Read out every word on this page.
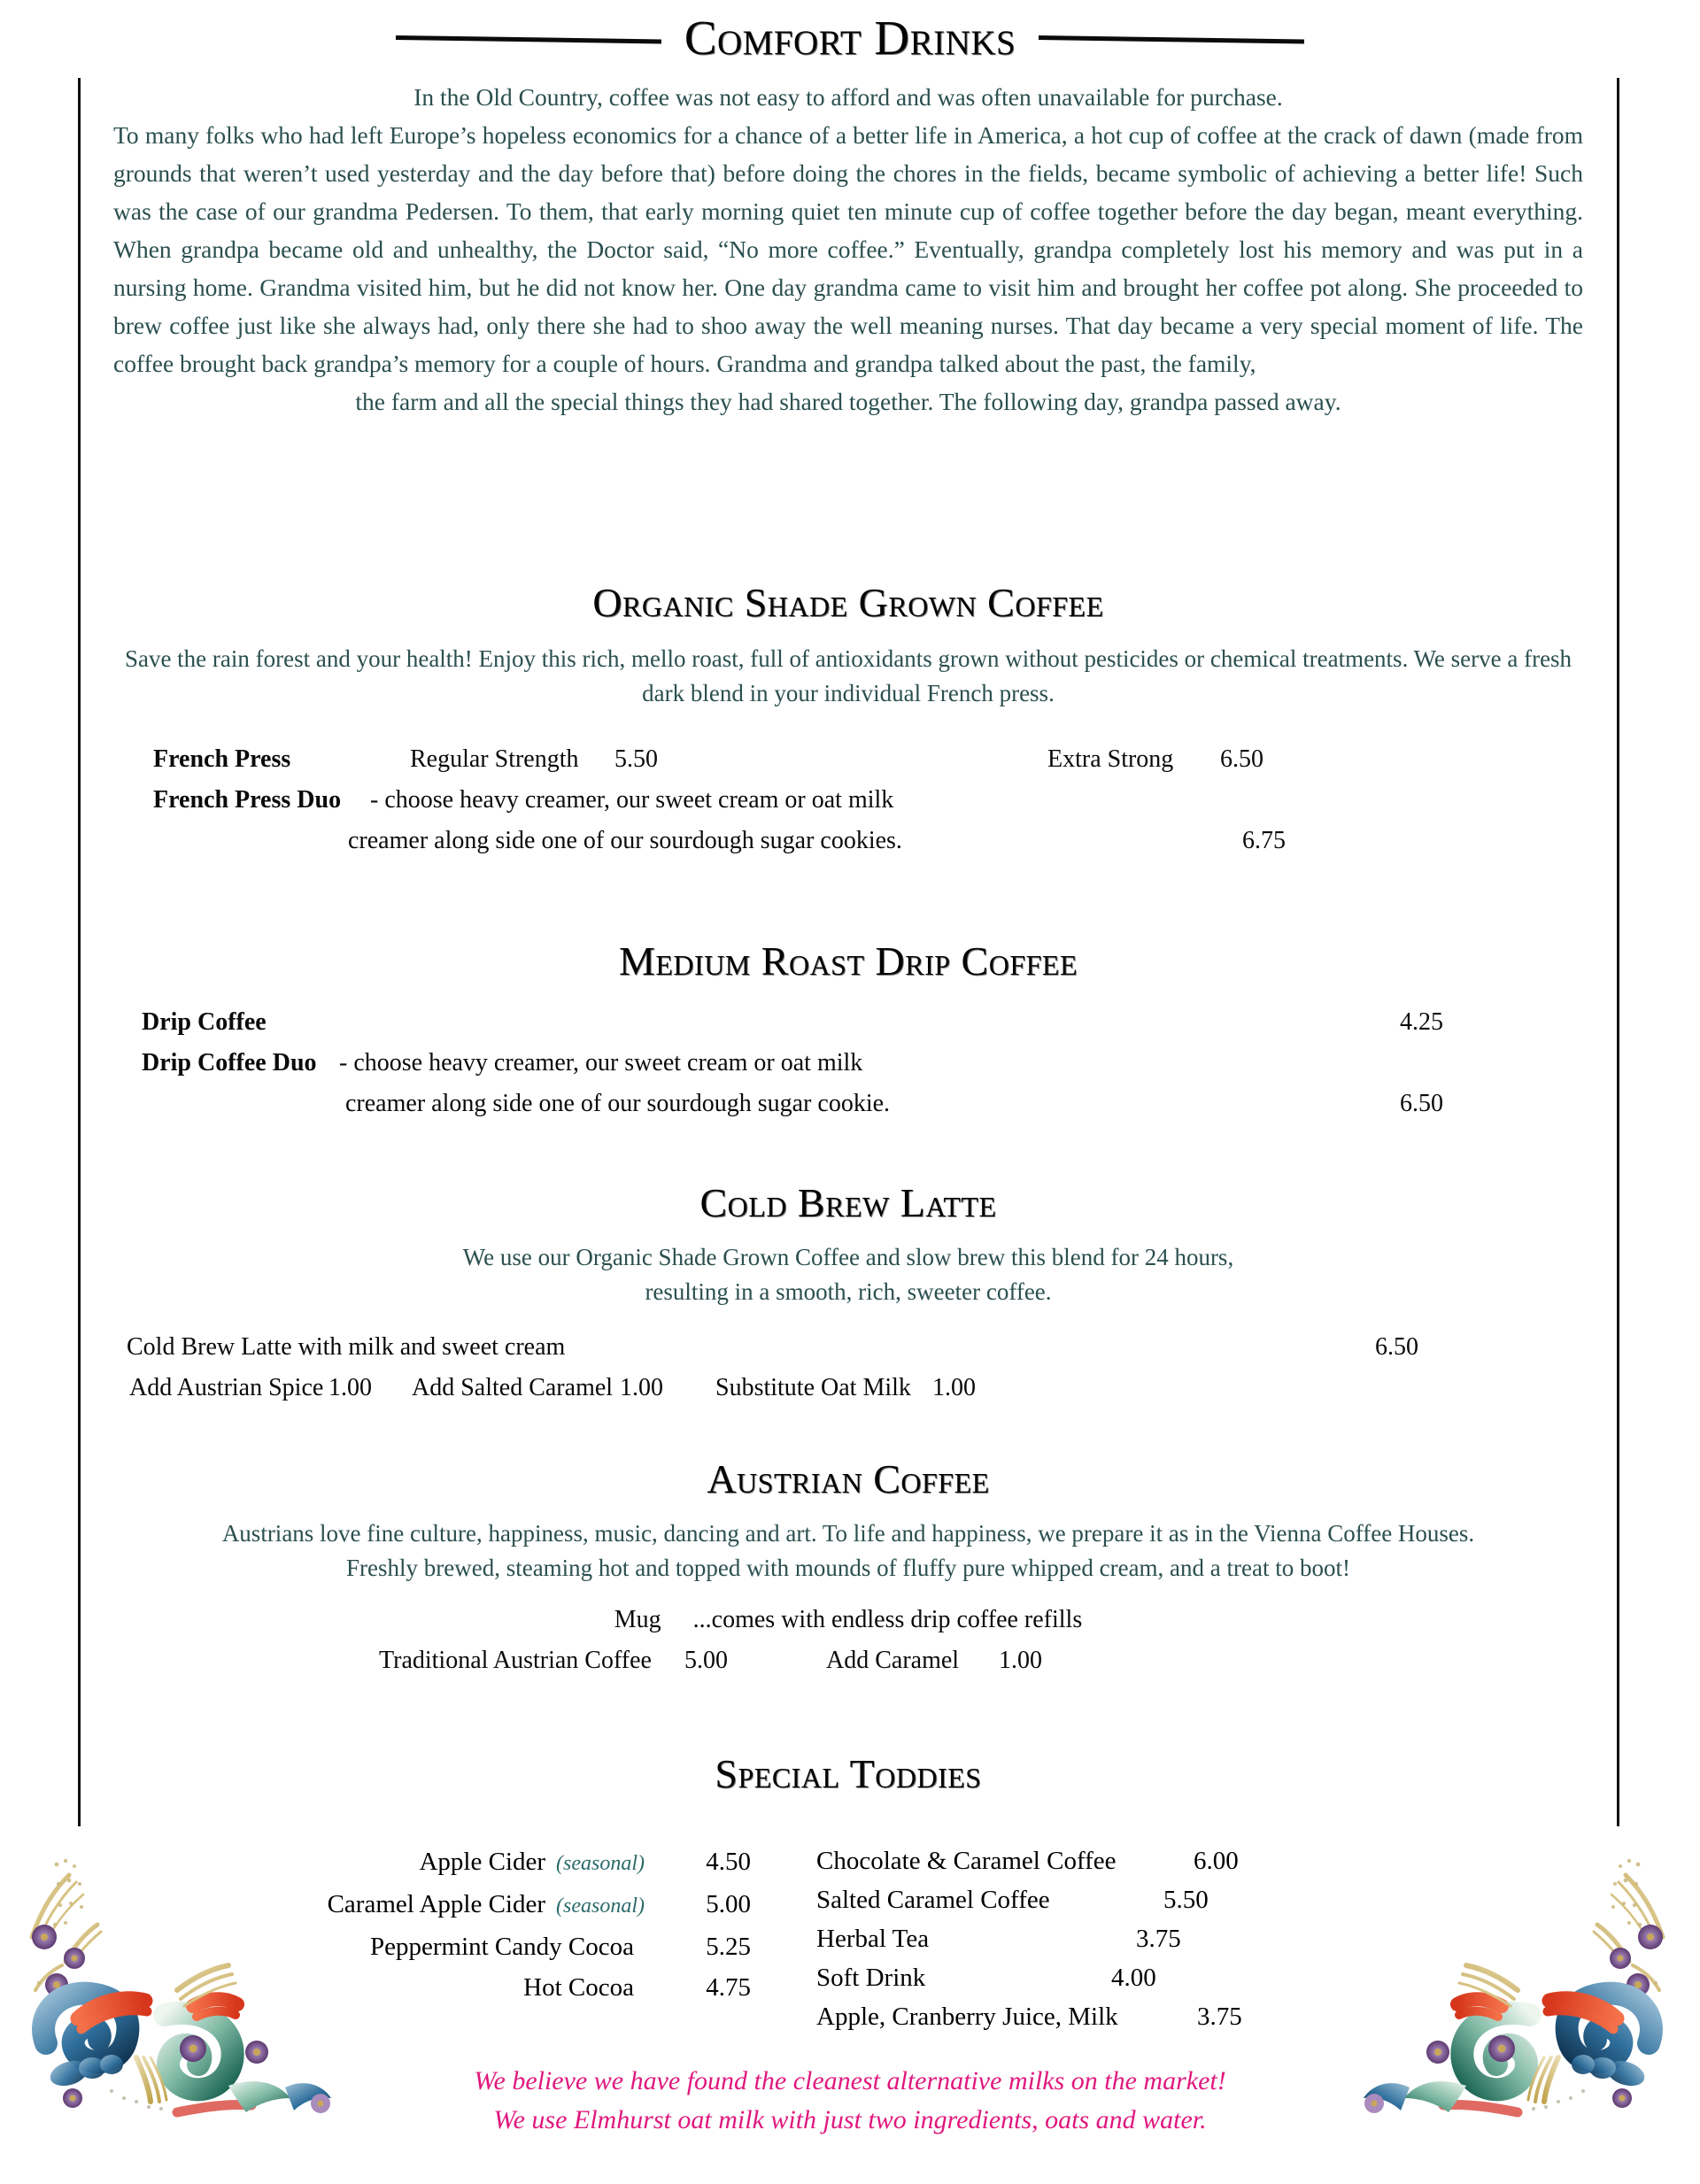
Comfort Drinks

In the Old Country, coffee was not easy to afford and was often unavailable for purchase.

To many folks who had left Europe’s hopeless economics for a chance of a better life in America, a hot cup of coffee at the crack of dawn (made from grounds that weren’t used yesterday and the day before that) before doing the chores in the fields, became symbolic of achieving a better life! Such was the case of our grandma Pedersen. To them, that early morning quiet ten minute cup of coffee together before the day began, meant everything. When grandpa became old and unhealthy, the Doctor said, “No more coffee.” Eventually, grandpa completely lost his memory and was put in a nursing home. Grandma visited him, but he did not know her. One day grandma came to visit him and brought her coffee pot along. She proceeded to brew coffee just like she always had, only there she had to shoo away the well meaning nurses. That day became a very special moment of life. The coffee brought back grandpa’s memory for a couple of hours. Grandma and grandpa talked about the past, the family,

the farm and all the special things they had shared together. The following day, grandpa passed away.

Organic Shade Grown Coffee
Save the rain forest and your health! Enjoy this rich, mello roast, full of antioxidants grown without pesticides or chemical treatments. We serve a fresh dark blend in your individual French press.
French Press	Regular Strength 5.50	Extra Strong 6.50
French Press Duo - choose heavy creamer, our sweet cream or oat milk
creamer along side one of our sourdough sugar cookies.	6.75
Medium Roast Drip Coffee
Drip Coffee	4.25
Drip Coffee Duo - choose heavy creamer, our sweet cream or oat milk
creamer along side one of our sourdough sugar cookie.	6.50
Cold Brew Latte
We use our Organic Shade Grown Coffee and slow brew this blend for 24 hours,
resulting in a smooth, rich, sweeter coffee.
Cold Brew Latte with milk and sweet cream	6.50
Add Austrian Spice 1.00 Add Salted Caramel 1.00 Substitute Oat Milk 1.00
Austrian Coffee
Austrians love fine culture, happiness, music, dancing and art. To life and happiness, we prepare it as in the Vienna Coffee Houses. Freshly brewed, steaming hot and topped with mounds of fluffy pure whipped cream, and a treat to boot!
Mug ...comes with endless drip coffee refills
Traditional Austrian Coffee 5.00	Add Caramel 1.00
Special Toddies
Apple Cider (seasonal)	4.50
Caramel Apple Cider (seasonal)	5.00
Peppermint Candy Cocoa	5.25
Hot Cocoa	4.75
Chocolate & Caramel Coffee	6.00
Salted Caramel Coffee	5.50
Herbal Tea	3.75
Soft Drink	4.00
Apple, Cranberry Juice, Milk	3.75
We believe we have found the cleanest alternative milks on the market!
We use Elmhurst oat milk with just two ingredients, oats and water.
